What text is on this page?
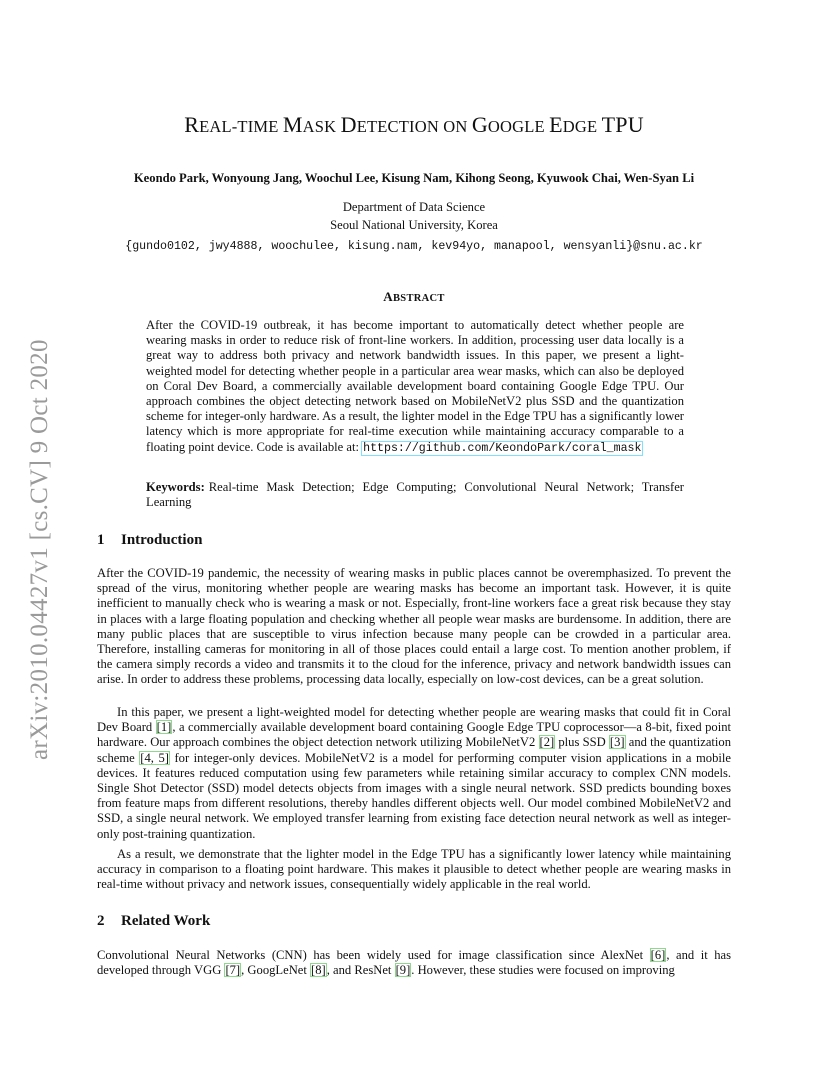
arXiv:2010.04427v1 [cs.CV] 9 Oct 2020
REAL-TIME MASK DETECTION ON GOOGLE EDGE TPU
Keondo Park, Wonyoung Jang, Woochul Lee, Kisung Nam, Kihong Seong, Kyuwook Chai, Wen-Syan Li
Department of Data Science
Seoul National University, Korea
{gundo0102, jwy4888, woochulee, kisung.nam, kev94yo, manapool, wensyanli}@snu.ac.kr
ABSTRACT
After the COVID-19 outbreak, it has become important to automatically detect whether people are wearing masks in order to reduce risk of front-line workers. In addition, processing user data locally is a great way to address both privacy and network bandwidth issues. In this paper, we present a light-weighted model for detecting whether people in a particular area wear masks, which can also be deployed on Coral Dev Board, a commercially available development board containing Google Edge TPU. Our approach combines the object detecting network based on MobileNetV2 plus SSD and the quantization scheme for integer-only hardware. As a result, the lighter model in the Edge TPU has a significantly lower latency which is more appropriate for real-time execution while maintaining accuracy comparable to a floating point device. Code is available at: https://github.com/KeondoPark/coral_mask
Keywords: Real-time Mask Detection; Edge Computing; Convolutional Neural Network; Transfer Learning
1 Introduction
After the COVID-19 pandemic, the necessity of wearing masks in public places cannot be overemphasized. To prevent the spread of the virus, monitoring whether people are wearing masks has become an important task. However, it is quite inefficient to manually check who is wearing a mask or not. Especially, front-line workers face a great risk because they stay in places with a large floating population and checking whether all people wear masks are burdensome. In addition, there are many public places that are susceptible to virus infection because many people can be crowded in a particular area. Therefore, installing cameras for monitoring in all of those places could entail a large cost. To mention another problem, if the camera simply records a video and transmits it to the cloud for the inference, privacy and network bandwidth issues can arise. In order to address these problems, processing data locally, especially on low-cost devices, can be a great solution.
In this paper, we present a light-weighted model for detecting whether people are wearing masks that could fit in Coral Dev Board [1], a commercially available development board containing Google Edge TPU coprocessor—a 8-bit, fixed point hardware. Our approach combines the object detection network utilizing MobileNetV2 [2] plus SSD [3] and the quantization scheme [4, 5] for integer-only devices. MobileNetV2 is a model for performing computer vision applications in a mobile devices. It features reduced computation using few parameters while retaining similar accuracy to complex CNN models. Single Shot Detector (SSD) model detects objects from images with a single neural network. SSD predicts bounding boxes from feature maps from different resolutions, thereby handles different objects well. Our model combined MobileNetV2 and SSD, a single neural network. We employed transfer learning from existing face detection neural network as well as integer-only post-training quantization.
As a result, we demonstrate that the lighter model in the Edge TPU has a significantly lower latency while maintaining accuracy in comparison to a floating point hardware. This makes it plausible to detect whether people are wearing masks in real-time without privacy and network issues, consequentially widely applicable in the real world.
2 Related Work
Convolutional Neural Networks (CNN) has been widely used for image classification since AlexNet [6], and it has developed through VGG [7], GoogLeNet [8], and ResNet [9]. However, these studies were focused on improving
